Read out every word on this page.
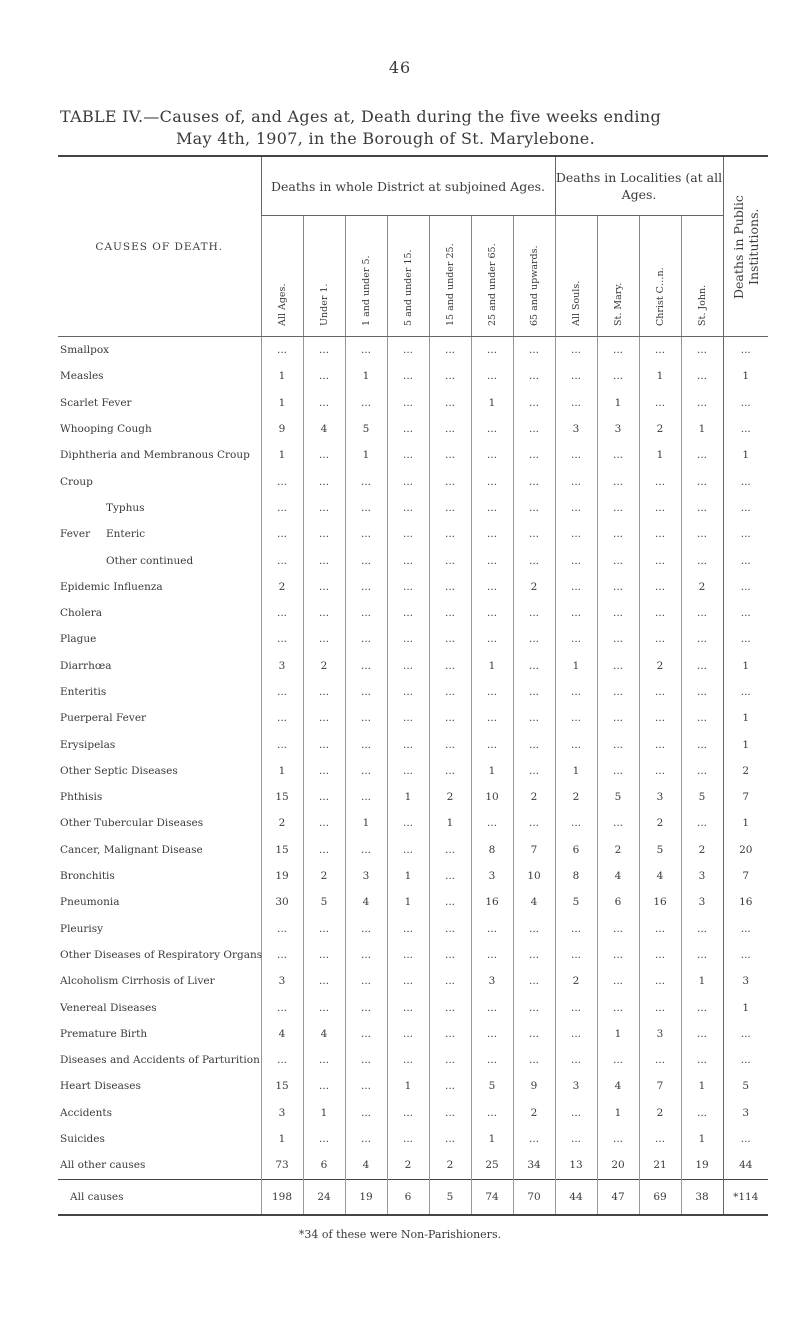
46
TABLE IV.—Causes of, and Ages at, Death during the five weeks ending
May 4th, 1907, in the Borough of St. Marylebone.

CAUSES OF DEATH.	Deaths in whole District at subjoined Ages.							Deaths in Localities (at all Ages.				Deaths in Public Institutions.

	All Ages.	Under 1.	1 and under 5.	5 and under 15.	15 and under 25.	25 and under 65.	65 and upwards.	All Souls.	St. Mary.	Christ C…n.	St. John.	

Smallpox	...	...	...	...	...	...	...	...	...	...	...	...
Measles	1	...	1	...	...	...	...	...	...	1	...	1
Scarlet Fever	1	...	...	...	...	1	...	...	1	...	...	...
Whooping Cough	9	4	5	...	...	...	...	3	3	2	1	...
Diphtheria and Membranous Croup	1	...	1	...	...	...	...	...	...	1	...	1
Croup	...	...	...	...	...	...	...	...	...	...	...	...
Typhus	...	...	...	...	...	...	...	...	...	...	...	...

Fever Enteric	...	...	...	...	...	...	...	...	...	...	...	...
Other continued	...	...	...	...	...	...	...	...	...	...	...	...
Epidemic Influenza	2	...	...	...	...	...	2	...	...	...	2	...
Cholera	...	...	...	...	...	...	...	...	...	...	...	...
Plague	...	...	...	...	...	...	...	...	...	...	...	...
Diarrhœa	3	2	...	...	...	1	...	1	...	2	...	1
Enteritis	...	...	...	...	...	...	...	...	...	...	...	...
Puerperal Fever	...	...	...	...	...	...	...	...	...	...	...	1
Erysipelas	...	...	...	...	...	...	...	...	...	...	...	1
Other Septic Diseases	1	...	...	...	...	1	...	1	...	...	...	2
Phthisis	15	...	...	1	2	10	2	2	5	3	5	7
Other Tubercular Diseases	2	...	1	...	1	...	...	...	...	2	...	1
Cancer, Malignant Disease	15	...	...	...	...	8	7	6	2	5	2	20
Bronchitis	19	2	3	1	...	3	10	8	4	4	3	7
Pneumonia	30	5	4	1	...	16	4	5	6	16	3	16
Pleurisy	...	...	...	...	...	...	...	...	...	...	...	...
Other Diseases of Respiratory Organs	...	...	...	...	...	...	...	...	...	...	...	...
Alcoholism Cirrhosis of Liver	3	...	...	...	...	3	...	2	...	...	1	3
Venereal Diseases	...	...	...	...	...	...	...	...	...	...	...	1
Premature Birth	4	4	...	...	...	...	...	...	1	3	...	...
Diseases and Accidents of Parturition	...	...	...	...	...	...	...	...	...	...	...	...
Heart Diseases	15	...	...	1	...	5	9	3	4	7	1	5
Accidents	3	1	...	...	...	...	2	...	1	2	...	3
Suicides	1	...	...	...	...	1	...	...	...	...	1	...
All other causes	73	6	4	2	2	25	34	13	20	21	19	44
All causes	198	24	19	6	5	74	70	44	47	69	38	*114
*34 of these were Non-Parishioners.
